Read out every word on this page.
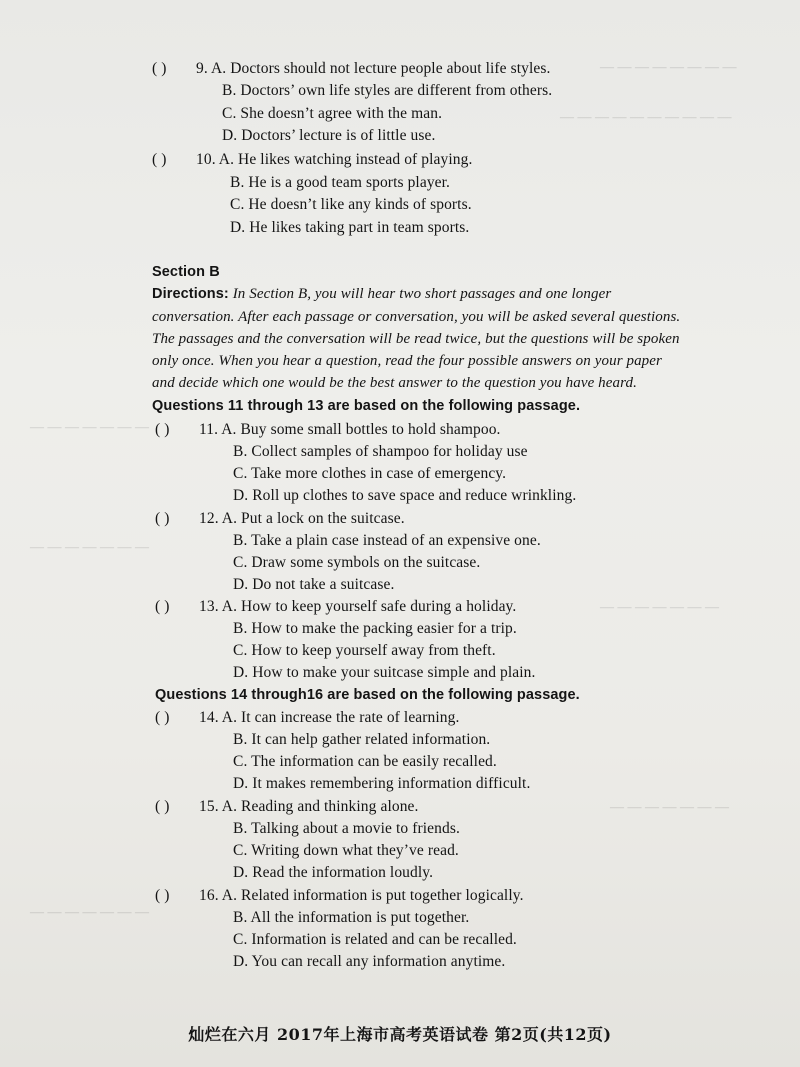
— — — — — — — —
— — — — — — — — — —
— — — — — — —
— — — — — — —
— — — — — — —
— — — — — — —
— — — — — — —
( ) 9. A. Doctors should not lecture people about life styles.
B. Doctors’ own life styles are different from others.
C. She doesn’t agree with the man.
D. Doctors’ lecture is of little use.
( ) 10. A. He likes watching instead of playing.
B. He is a good team sports player.
C. He doesn’t like any kinds of sports.
D. He likes taking part in team sports.
Section B
Directions: In Section B, you will hear two short passages and one longer
conversation. After each passage or conversation, you will be asked several questions.
The passages and the conversation will be read twice, but the questions will be spoken
only once. When you hear a question, read the four possible answers on your paper
and decide which one would be the best answer to the question you have heard.
Questions 11 through 13 are based on the following passage.
( ) 11. A. Buy some small bottles to hold shampoo.
B. Collect samples of shampoo for holiday use
C. Take more clothes in case of emergency.
D. Roll up clothes to save space and reduce wrinkling.
( ) 12. A. Put a lock on the suitcase.
B. Take a plain case instead of an expensive one.
C. Draw some symbols on the suitcase.
D. Do not take a suitcase.
( ) 13. A. How to keep yourself safe during a holiday.
B. How to make the packing easier for a trip.
C. How to keep yourself away from theft.
D. How to make your suitcase simple and plain.
Questions 14 through16 are based on the following passage.
( ) 14. A. It can increase the rate of learning.
B. It can help gather related information.
C. The information can be easily recalled.
D. It makes remembering information difficult.
( ) 15. A. Reading and thinking alone.
B. Talking about a movie to friends.
C. Writing down what they’ve read.
D. Read the information loudly.
( ) 16. A. Related information is put together logically.
B. All the information is put together.
C. Information is related and can be recalled.
D. You can recall any information anytime.
灿烂在六月 2017年上海市高考英语试卷 第2页(共12页)
